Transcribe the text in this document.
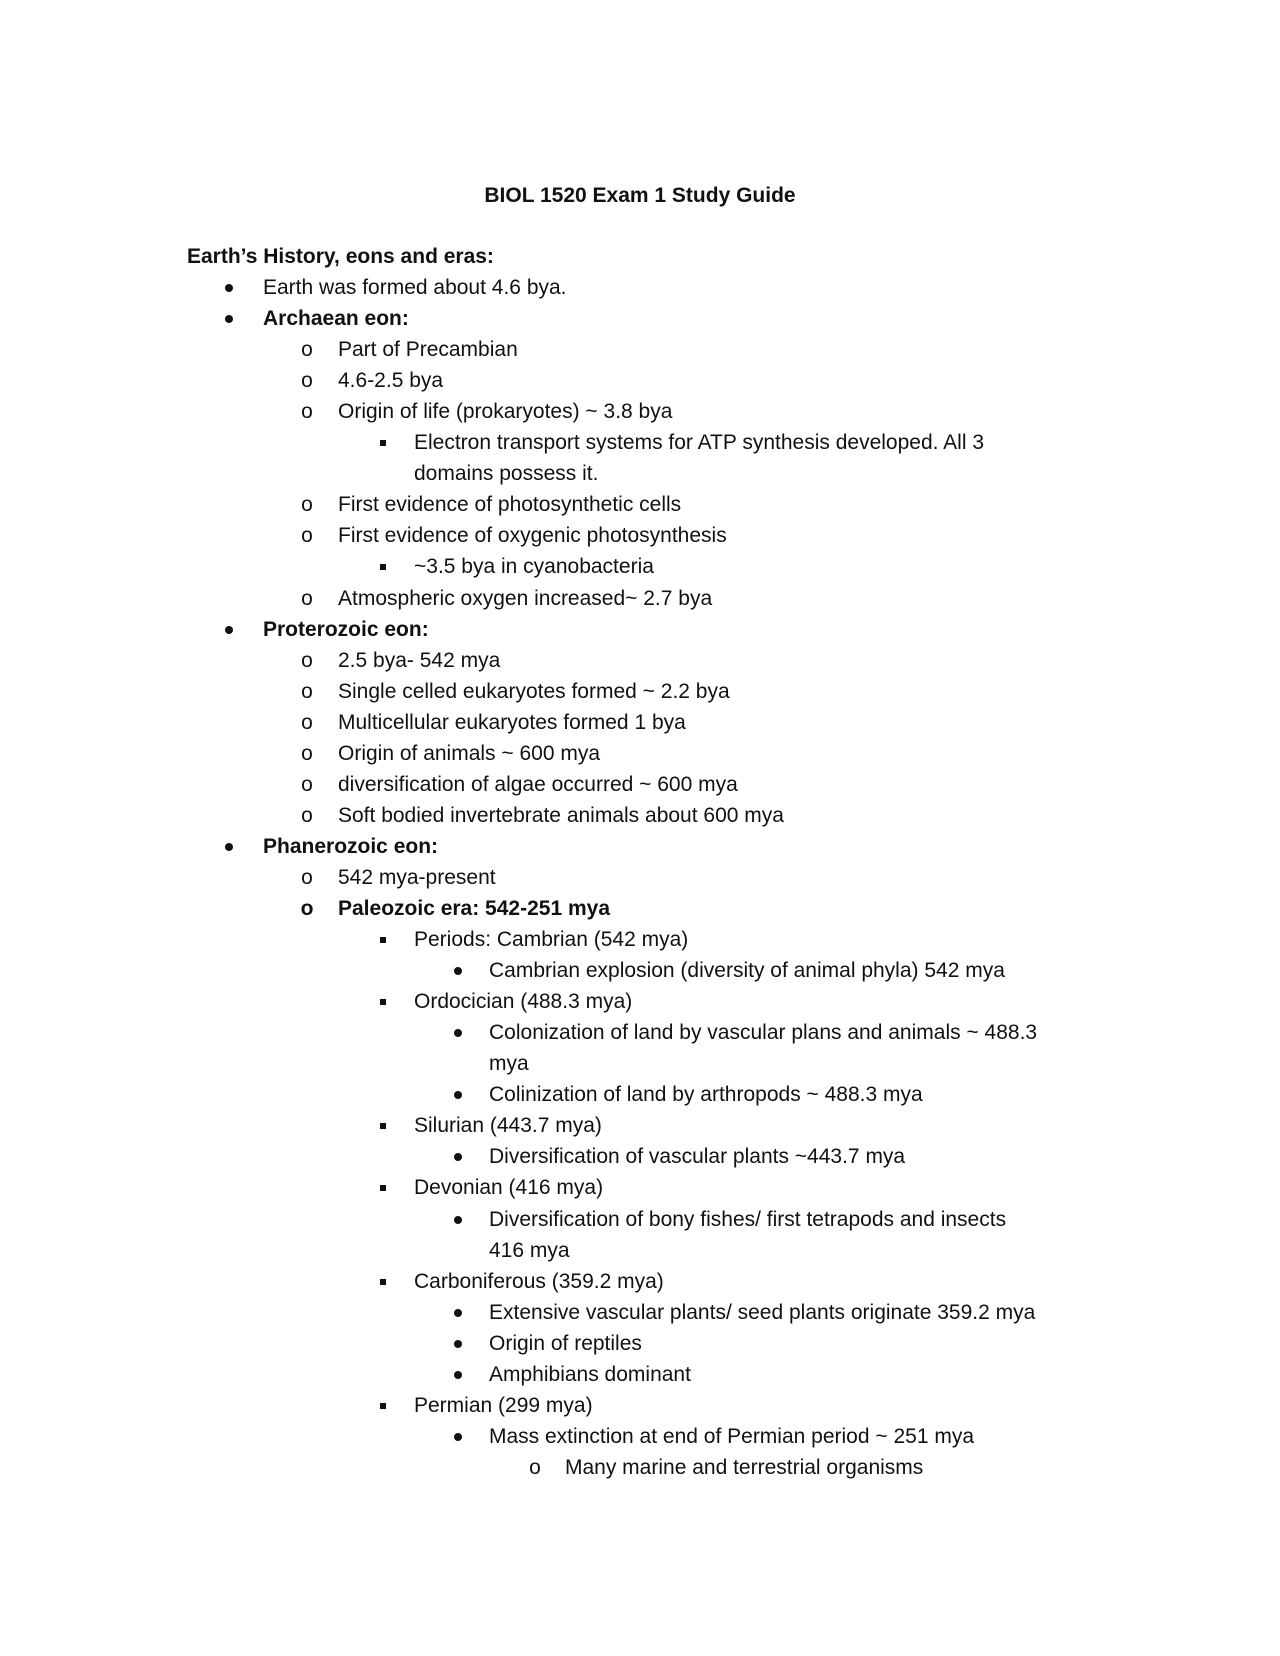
BIOL 1520 Exam 1 Study Guide
Earth’s History, eons and eras:
Earth was formed about 4.6 bya.
Archaean eon:
o Part of Precambian
o 4.6-2.5 bya
o Origin of life (prokaryotes) ~ 3.8 bya
Electron transport systems for ATP synthesis developed. All 3
domains possess it.
o First evidence of photosynthetic cells
o First evidence of oxygenic photosynthesis
~3.5 bya in cyanobacteria
o Atmospheric oxygen increased~ 2.7 bya
Proterozoic eon:
o 2.5 bya- 542 mya
o Single celled eukaryotes formed ~ 2.2 bya
o Multicellular eukaryotes formed 1 bya
o Origin of animals ~ 600 mya
o diversification of algae occurred ~ 600 mya
o Soft bodied invertebrate animals about 600 mya
Phanerozoic eon:
o 542 mya-present
o Paleozoic era: 542-251 mya
Periods: Cambrian (542 mya)
Cambrian explosion (diversity of animal phyla) 542 mya
Ordocician (488.3 mya)
Colonization of land by vascular plans and animals ~ 488.3
mya
Colinization of land by arthropods ~ 488.3 mya
Silurian (443.7 mya)
Diversification of vascular plants ~443.7 mya
Devonian (416 mya)
Diversification of bony fishes/ first tetrapods and insects
416 mya
Carboniferous (359.2 mya)
Extensive vascular plants/ seed plants originate 359.2 mya
Origin of reptiles
Amphibians dominant
Permian (299 mya)
Mass extinction at end of Permian period ~ 251 mya
o Many marine and terrestrial organisms
